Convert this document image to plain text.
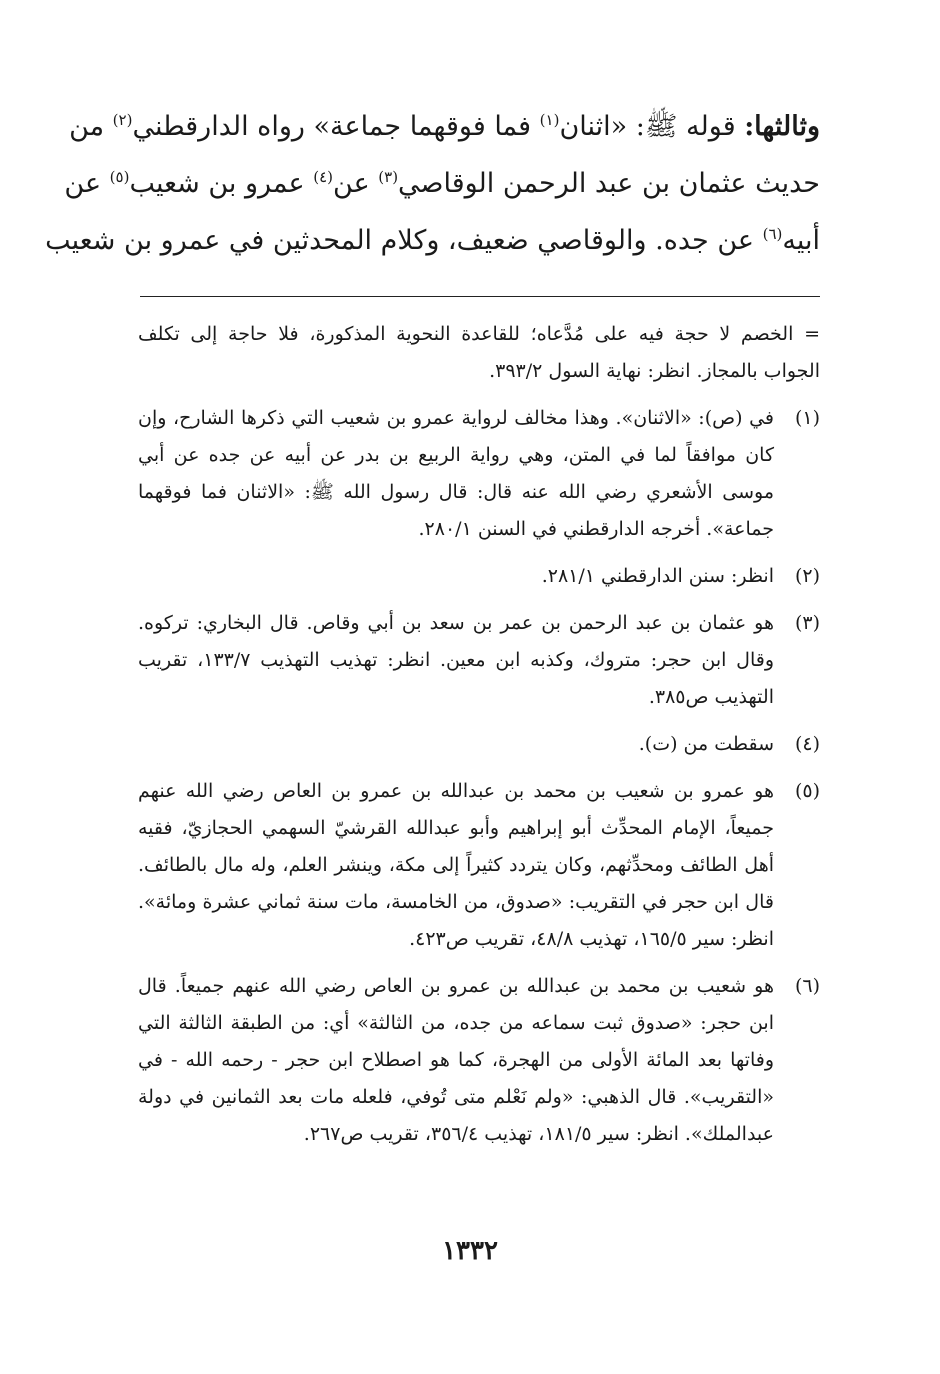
وثالثها: قوله ﷺ: «اثنان$^{(١)}$ فما فوقهما جماعة» رواه الدارقطني$^{(٢)}$ من
حديث عثمان بن عبد الرحمن الوقاصي$^{(٣)}$ عن$^{(٤)}$ عمرو بن شعيب$^{(٥)}$ عن
أبيه$^{(٦)}$ عن جده. والوقاصي ضعيف، وكلام المحدثين في عمرو بن شعيب
= الخصم لا حجة فيه على مُدَّعاه؛ للقاعدة النحوية المذكورة، فلا حاجة إلى تكلف الجواب بالمجاز. انظر: نهاية السول ٣٩٣/٢.
(١)
في (ص): «الاثنان». وهذا مخالف لرواية عمرو بن شعيب التي ذكرها الشارح، وإن كان موافقاً لما في المتن، وهي رواية الربيع بن بدر عن أبيه عن جده عن أبي موسى الأشعري رضي الله عنه قال: قال رسول الله ﷺ: «الاثنان فما فوقهما جماعة». أخرجه الدارقطني في السنن ٢٨٠/١.
(٢)
انظر: سنن الدارقطني ٢٨١/١.
(٣)
هو عثمان بن عبد الرحمن بن عمر بن سعد بن أبي وقاص. قال البخاري: تركوه. وقال ابن حجر: متروك، وكذبه ابن معين. انظر: تهذيب التهذيب ١٣٣/٧، تقريب التهذيب ص٣٨٥.
(٤)
سقطت من (ت).
(٥)
هو عمرو بن شعيب بن محمد بن عبدالله بن عمرو بن العاص رضي الله عنهم جميعاً، الإمام المحدِّث أبو إبراهيم وأبو عبدالله القرشيّ السهمي الحجازيّ، فقيه أهل الطائف ومحدِّثهم، وكان يتردد كثيراً إلى مكة، وينشر العلم، وله مال بالطائف. قال ابن حجر في التقريب: «صدوق، من الخامسة، مات سنة ثماني عشرة ومائة». انظر: سير ١٦٥/٥، تهذيب ٤٨/٨، تقريب ص٤٢٣.
(٦)
هو شعيب بن محمد بن عبدالله بن عمرو بن العاص رضي الله عنهم جميعاً. قال ابن حجر: «صدوق ثبت سماعه من جده، من الثالثة» أي: من الطبقة الثالثة التي وفاتها بعد المائة الأولى من الهجرة، كما هو اصطلاح ابن حجر - رحمه الله - في «التقريب». قال الذهبي: «ولم نَعْلم متى تُوفي، فلعله مات بعد الثمانين في دولة عبدالملك». انظر: سير ١٨١/٥، تهذيب ٣٥٦/٤، تقريب ص٢٦٧.
١٣٣٢
